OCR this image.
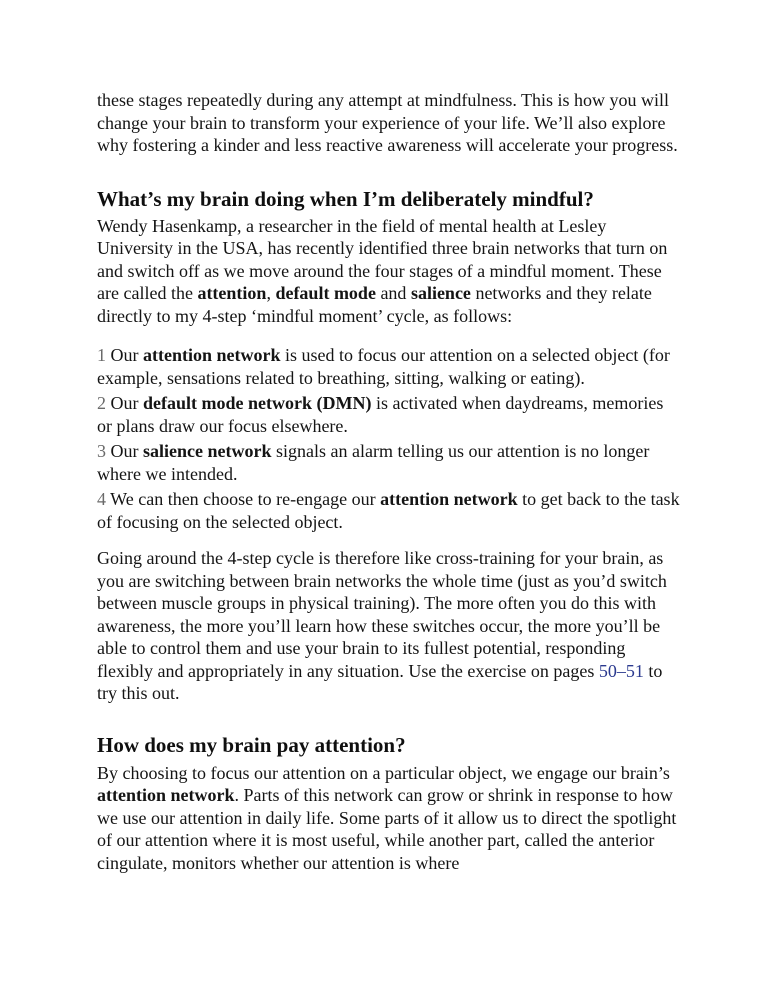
these stages repeatedly during any attempt at mindfulness. This is how you will change your brain to transform your experience of your life. We’ll also explore why fostering a kinder and less reactive awareness will accelerate your progress.

What’s my brain doing when I’m deliberately mindful?

Wendy Hasenkamp, a researcher in the field of mental health at Lesley University in the USA, has recently identified three brain networks that turn on and switch off as we move around the four stages of a mindful moment. These are called the attention, default mode and salience networks and they relate directly to my 4-step ‘mindful moment’ cycle, as follows:

1 Our attention network is used to focus our attention on a selected object (for example, sensations related to breathing, sitting, walking or eating).

2 Our default mode network (DMN) is activated when daydreams, memories or plans draw our focus elsewhere.

3 Our salience network signals an alarm telling us our attention is no longer where we intended.

4 We can then choose to re-engage our attention network to get back to the task of focusing on the selected object.

Going around the 4-step cycle is therefore like cross-training for your brain, as you are switching between brain networks the whole time (just as you’d switch between muscle groups in physical training). The more often you do this with awareness, the more you’ll learn how these switches occur, the more you’ll be able to control them and use your brain to its fullest potential, responding flexibly and appropriately in any situation. Use the exercise on pages 50–51 to try this out.

How does my brain pay attention?

By choosing to focus our attention on a particular object, we engage our brain’s attention network. Parts of this network can grow or shrink in response to how we use our attention in daily life. Some parts of it allow us to direct the spotlight of our attention where it is most useful, while another part, called the anterior cingulate, monitors whether our attention is where
